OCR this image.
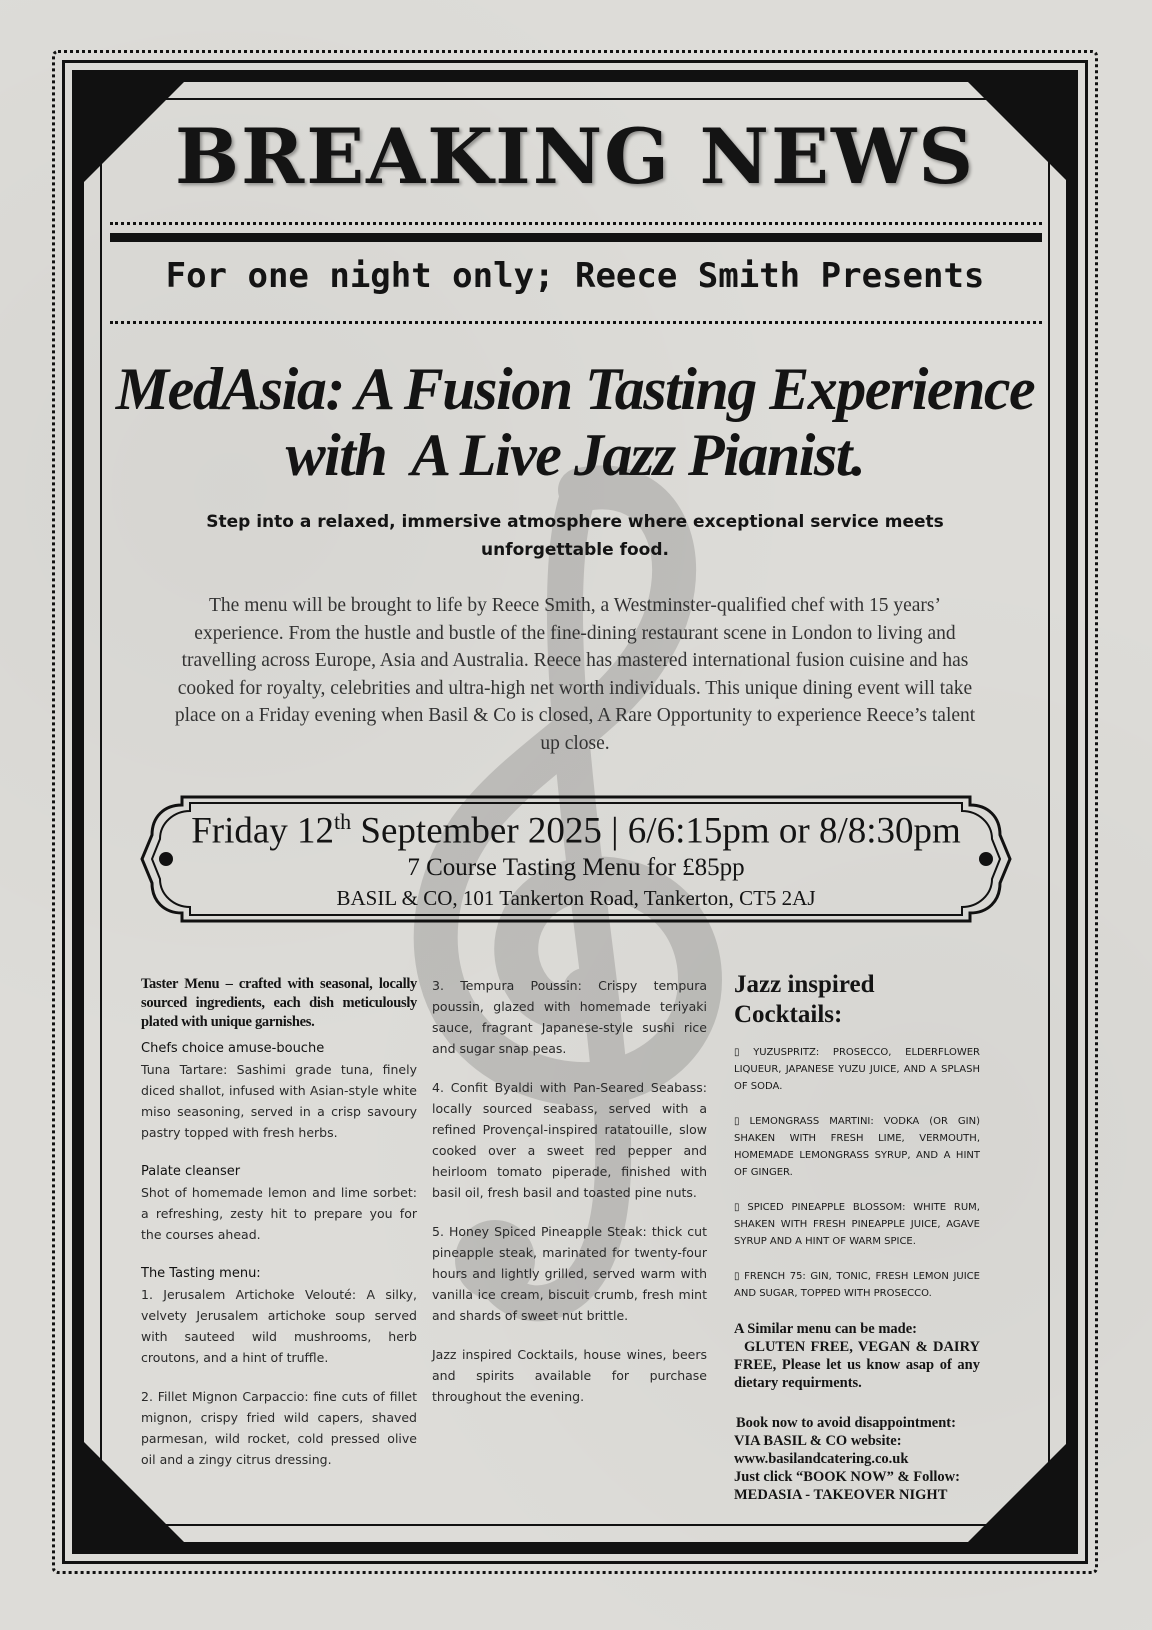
BREAKING NEWS
For one night only; Reece Smith Presents
MedAsia: A Fusion Tasting Experience
with  A Live Jazz Pianist.
Step into a relaxed, immersive atmosphere where exceptional service meets unforgettable food.
The menu will be brought to life by Reece Smith, a Westminster-qualified chef with 15 years’ experience. From the hustle and bustle of the fine-dining restaurant scene in London to living and travelling across Europe, Asia and Australia. Reece has mastered international fusion cuisine and has cooked for royalty, celebrities and ultra-high net worth individuals. This unique dining event will take place on a Friday evening when Basil & Co is closed, A Rare Opportunity to experience Reece’s talent up close.
Friday 12th September 2025 | 6/6:15pm or 8/8:30pm
7 Course Tasting Menu for £85pp
BASIL & CO, 101 Tankerton Road, Tankerton, CT5 2AJ
Taster Menu – crafted with seasonal, locally sourced ingredients, each dish meticulously plated with unique garnishes.
Chefs choice amuse-bouche
Tuna Tartare: Sashimi grade tuna, finely diced shallot, infused with Asian-style white miso seasoning, served in a crisp savoury pastry topped with fresh herbs.
Palate cleanser
Shot of homemade lemon and lime sorbet: a refreshing, zesty hit to prepare you for the courses ahead.
The Tasting menu:
1. Jerusalem Artichoke Velouté: A silky, velvety Jerusalem artichoke soup served with sauteed wild mushrooms, herb croutons, and a hint of truffle.
2. Fillet Mignon Carpaccio: fine cuts of fillet mignon, crispy fried wild capers, shaved parmesan, wild rocket, cold pressed olive oil and a zingy citrus dressing.
3. Tempura Poussin: Crispy tempura poussin, glazed with homemade teriyaki sauce, fragrant Japanese-style sushi rice and sugar snap peas.
4. Confit Byaldi with Pan-Seared Seabass: locally sourced seabass, served with a refined Provençal-inspired ratatouille, slow cooked over a sweet red pepper and heirloom tomato piperade, finished with basil oil, fresh basil and toasted pine nuts.
5. Honey Spiced Pineapple Steak: thick cut pineapple steak, marinated for twenty-four hours and lightly grilled, served warm with vanilla ice cream, biscuit crumb, fresh mint and shards of sweet nut brittle.
Jazz inspired Cocktails, house wines, beers and spirits available for purchase throughout the evening.
Jazz inspired Cocktails:
▯ YUZUSPRITZ: PROSECCO, ELDERFLOWER LIQUEUR, JAPANESE YUZU JUICE, AND A SPLASH OF SODA.
▯ LEMONGRASS MARTINI: VODKA (OR GIN) SHAKEN WITH FRESH LIME, VERMOUTH, HOMEMADE LEMONGRASS SYRUP, AND A HINT OF GINGER.
▯ SPICED PINEAPPLE BLOSSOM: WHITE RUM, SHAKEN WITH FRESH PINEAPPLE JUICE, AGAVE SYRUP AND A HINT OF WARM SPICE.
▯ FRENCH 75: GIN, TONIC, FRESH LEMON JUICE AND SUGAR, TOPPED WITH PROSECCO.
A Similar menu can be made:
GLUTEN FREE, VEGAN & DAIRY FREE, Please let us know asap of any dietary requirments.
Book now to avoid disappointment:
VIA BASIL & CO website:
www.basilandcatering.co.uk
Just click “BOOK NOW” & Follow:
MEDASIA - TAKEOVER NIGHT
